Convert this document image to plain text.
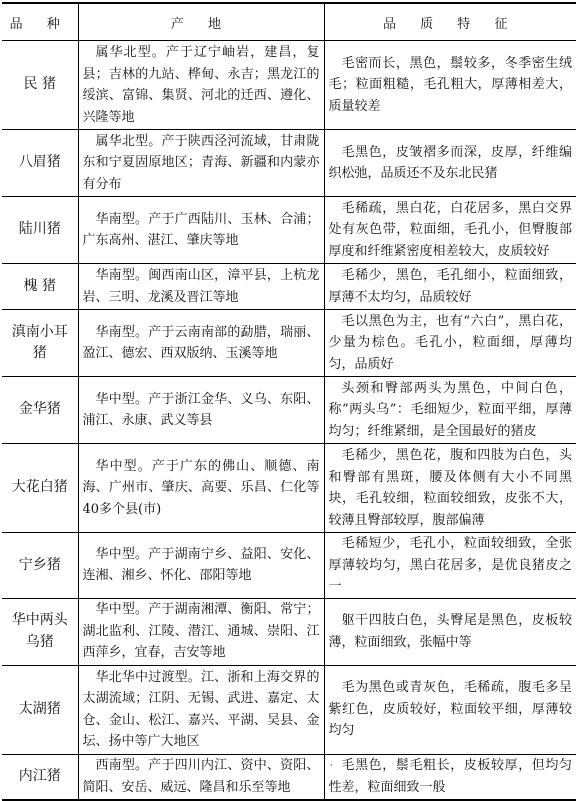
品 种	产 地	品 质 特 征
民 猪	属华北型。产于辽宁岫岩，建昌，复县；吉林的九站、桦甸、永吉；黑龙江的绥滨、富锦、集贤、河北的迁西、遵化、兴隆等地	毛密而长，黑色，鬃较多，冬季密生绒毛；粒面粗糙，毛孔粗大，厚薄相差大，质量较差
八眉猪	属华北型。产于陕西泾河流域，甘肃陇东和宁夏固原地区；青海、新疆和内蒙亦有分布	毛黑色，皮皱褶多而深，皮厚，纤维编织松弛，品质还不及东北民猪
陆川猪	华南型。产于广西陆川、玉林、合浦；广东高州、湛江、肇庆等地	毛稀疏，黑白花，白花居多，黑白交界处有灰色带，粒面细，毛孔小，但臀腹部厚度和纤维紧密度相差较大，皮质较好
槐 猪	华南型。闽西南山区，漳平县，上杭龙岩、三明、龙溪及晋江等地	毛稀少，黑色，毛孔细小，粒面细致，厚薄不太均匀，品质较好
滇南小耳猪	华南型。产于云南南部的勐腊，瑞丽、盈江、德宏、西双版纳、玉溪等地	毛以黑色为主，也有“六白”，黑白花，少量为棕色。毛孔小，粒面细，厚薄均匀，品质好
金华猪	华中型。产于浙江金华、义乌、东阳、浦江、永康、武义等县	头颈和臀部两头为黑色，中间白色，称“两头乌”：毛细短少，粒面平细，厚薄均匀；纤维紧细，是全国最好的猪皮
大花白猪	华中型。产于广东的佛山、顺德、南海、广州市、肇庆、高要、乐昌、仁化等40多个县(市)	毛稀少，黑色花，腹和四肢为白色，头和臀部有黑斑，腰及体侧有大小不同黑块，毛孔较细，粒面较细致，皮张不大，较薄且臀部较厚，腹部偏薄
宁乡猪	华中型。产于湖南宁乡、益阳、安化、连湘、湘乡、怀化、邵阳等地	毛稀短少，毛孔小，粒面较细致，全张厚薄较均匀，黑白花居多，是优良猪皮之一
华中两头乌猪	华中型。产于湖南湘潭、衡阳、常宁；湖北监利、江陵、潜江、通城、崇阳、江西萍乡，宜春，吉安等地	躯干四肢白色，头臀尾是黑色，皮板较薄，粒面细致，张幅中等
太湖猪	华北华中过渡型。江、浙和上海交界的太湖流域；江阴、无锡、武进、嘉定、太仓、金山、松江、嘉兴、平湖、吴县、金坛、扬中等广大地区	毛为黑色或青灰色，毛稀疏，腹毛多呈紫红色，皮质较好，粒面较平细，厚薄较均匀
内江猪	西南型。产于四川内江、资中、资阳、简阳、安岳、威远、隆昌和乐至等地	毛黑色，鬃毛粗长，皮板较厚，但均匀性差，粒面细致一般
·
